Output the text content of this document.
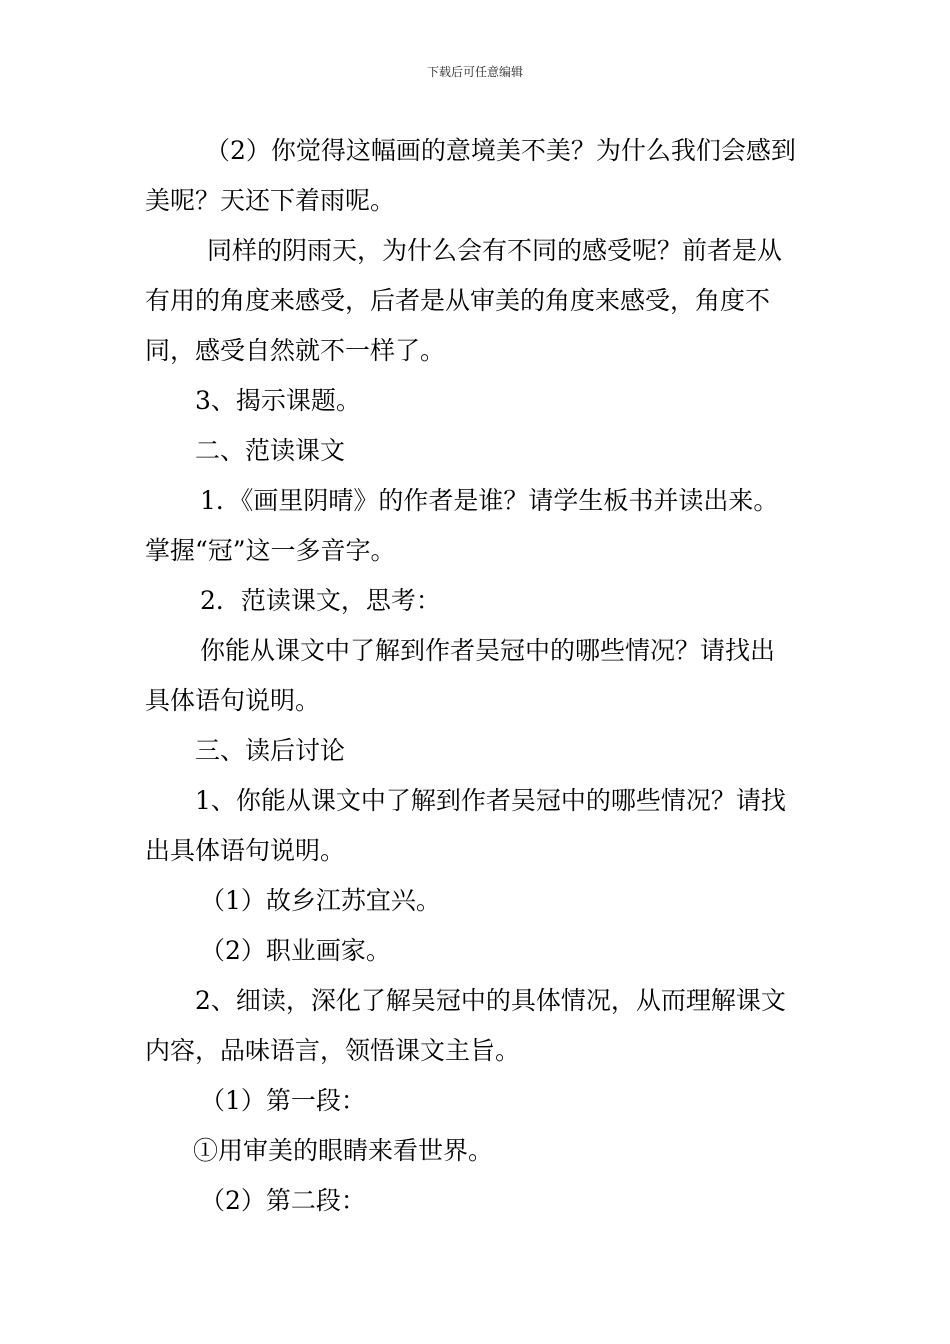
下载后可任意编辑
（2）你觉得这幅画的意境美不美？为什么我们会感到
美呢？天还下着雨呢。
同样的阴雨天，为什么会有不同的感受呢？前者是从
有用的角度来感受，后者是从审美的角度来感受，角度不
同，感受自然就不一样了。
3、揭示课题。
二、范读课文
1．《画里阴晴》的作者是谁？请学生板书并读出来。
掌握“冠”这一多音字。
2．范读课文，思考：
你能从课文中了解到作者吴冠中的哪些情况？请找出
具体语句说明。
三、读后讨论
1、你能从课文中了解到作者吴冠中的哪些情况？请找
出具体语句说明。
（1）故乡江苏宜兴。
（2）职业画家。
2、细读，深化了解吴冠中的具体情况，从而理解课文
内容，品味语言，领悟课文主旨。
（1）第一段：
①用审美的眼睛来看世界。
（2）第二段：
